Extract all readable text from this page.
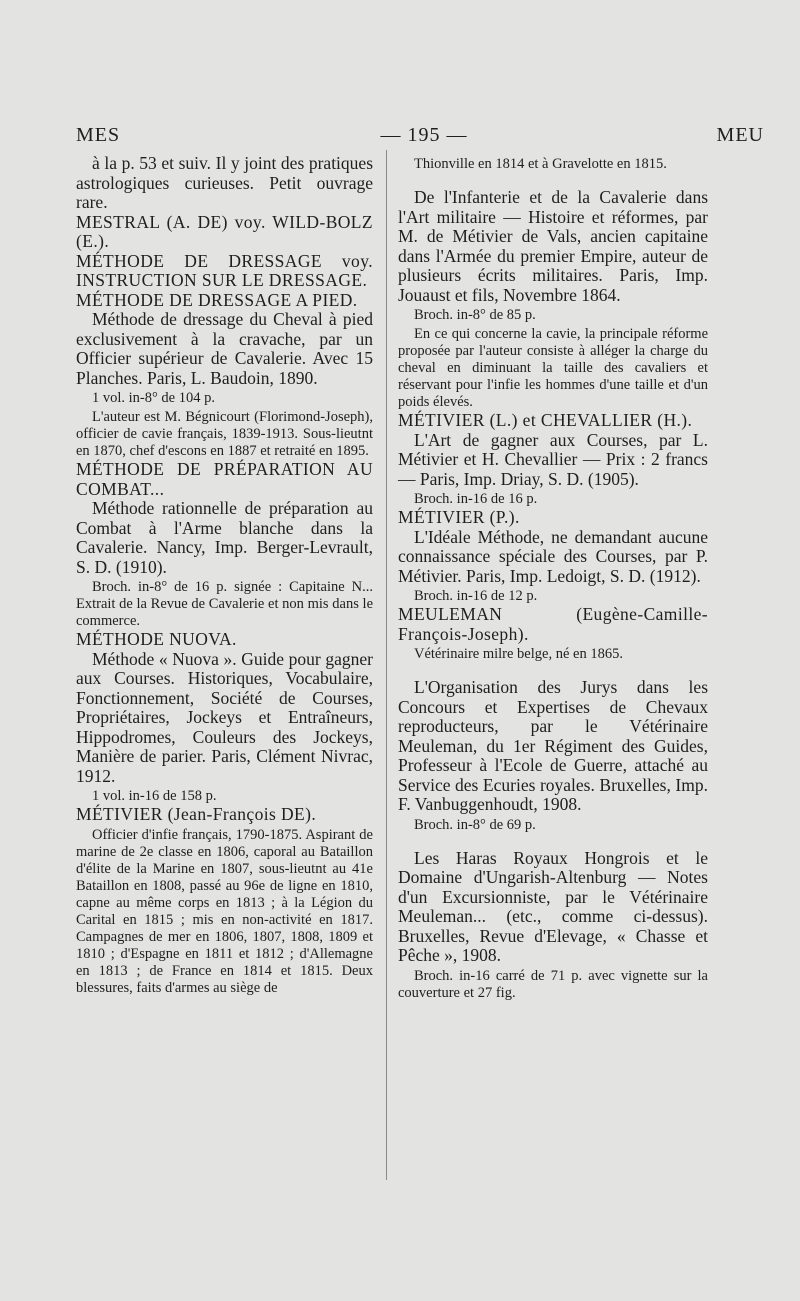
MES	— 195 —	MEU

à la p. 53 et suiv. Il y joint des pratiques astrologiques curieuses. Petit ouvrage rare.

MESTRAL (A. DE) voy. WILD-BOLZ (E.).

MÉTHODE DE DRESSAGE voy. INSTRUCTION SUR LE DRESSAGE.

MÉTHODE DE DRESSAGE A PIED.

Méthode de dressage du Cheval à pied exclusivement à la cravache, par un Officier supérieur de Cavalerie. Avec 15 Planches. Paris, L. Baudoin, 1890.

1 vol. in-8° de 104 p.

L'auteur est M. Bégnicourt (Florimond-Joseph), officier de cavie français, 1839-1913. Sous-lieutnt en 1870, chef d'escons en 1887 et retraité en 1895.

MÉTHODE DE PRÉPARATION AU COMBAT...

Méthode rationnelle de préparation au Combat à l'Arme blanche dans la Cavalerie. Nancy, Imp. Berger-Levrault, S. D. (1910).

Broch. in-8° de 16 p. signée : Capitaine N... Extrait de la Revue de Cavalerie et non mis dans le commerce.

MÉTHODE NUOVA.

Méthode « Nuova ». Guide pour gagner aux Courses. Historiques, Vocabulaire, Fonctionnement, Société de Courses, Propriétaires, Jockeys et Entraîneurs, Hippodromes, Couleurs des Jockeys, Manière de parier. Paris, Clément Nivrac, 1912.

1 vol. in-16 de 158 p.

MÉTIVIER (Jean-François DE).

Officier d'infie français, 1790-1875. Aspirant de marine de 2e classe en 1806, caporal au Bataillon d'élite de la Marine en 1807, sous-lieutnt au 41e Bataillon en 1808, passé au 96e de ligne en 1810, capne au même corps en 1813 ; à la Légion du Carital en 1815 ; mis en non-activité en 1817. Campagnes de mer en 1806, 1807, 1808, 1809 et 1810 ; d'Espagne en 1811 et 1812 ; d'Allemagne en 1813 ; de France en 1814 et 1815. Deux blessures, faits d'armes au siège de

Thionville en 1814 et à Gravelotte en 1815.

De l'Infanterie et de la Cavalerie dans l'Art militaire — Histoire et réformes, par M. de Métivier de Vals, ancien capitaine dans l'Armée du premier Empire, auteur de plusieurs écrits militaires. Paris, Imp. Jouaust et fils, Novembre 1864.

Broch. in-8° de 85 p.

En ce qui concerne la cavie, la principale réforme proposée par l'auteur consiste à alléger la charge du cheval en diminuant la taille des cavaliers et réservant pour l'infie les hommes d'une taille et d'un poids élevés.

MÉTIVIER (L.) et CHEVALLIER (H.).

L'Art de gagner aux Courses, par L. Métivier et H. Chevallier — Prix : 2 francs — Paris, Imp. Driay, S. D. (1905).

Broch. in-16 de 16 p.

MÉTIVIER (P.).

L'Idéale Méthode, ne demandant aucune connaissance spéciale des Courses, par P. Métivier. Paris, Imp. Ledoigt, S. D. (1912).

Broch. in-16 de 12 p.

MEULEMAN (Eugène-Camille-François-Joseph).

Vétérinaire milre belge, né en 1865.

L'Organisation des Jurys dans les Concours et Expertises de Chevaux reproducteurs, par le Vétérinaire Meuleman, du 1er Régiment des Guides, Professeur à l'Ecole de Guerre, attaché au Service des Ecuries royales. Bruxelles, Imp. F. Vanbuggenhoudt, 1908.

Broch. in-8° de 69 p.

Les Haras Royaux Hongrois et le Domaine d'Ungarish-Altenburg — Notes d'un Excursionniste, par le Vétérinaire Meuleman... (etc., comme ci-dessus). Bruxelles, Revue d'Elevage, « Chasse et Pêche », 1908.

Broch. in-16 carré de 71 p. avec vignette sur la couverture et 27 fig.
